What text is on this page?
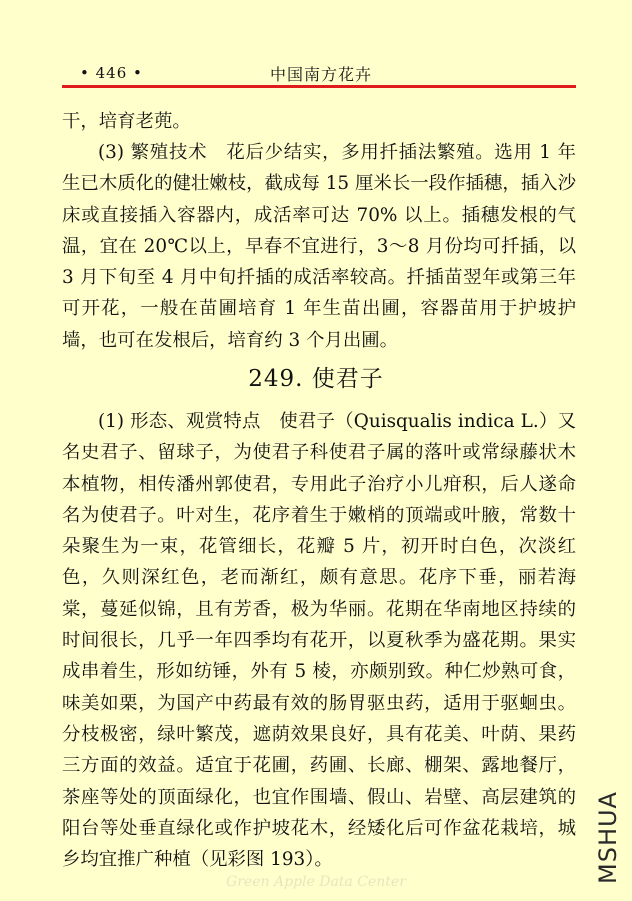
• 446 •	中国南方花卉

干，培育老蔸。

(3) 繁殖技术　花后少结实，多用扦插法繁殖。选用 1 年生已木质化的健壮嫩枝，截成每 15 厘米长一段作插穗，插入沙床或直接插入容器内，成活率可达 70% 以上。插穗发根的气温，宜在 20℃以上，早春不宜进行，3～8 月份均可扦插，以 3 月下旬至 4 月中旬扦插的成活率较高。扦插苗翌年或第三年可开花，一般在苗圃培育 1 年生苗出圃，容器苗用于护坡护墙，也可在发根后，培育约 3 个月出圃。

249. 使君子

(1) 形态、观赏特点　使君子（Quisqualis indica L.）又名史君子、留球子，为使君子科使君子属的落叶或常绿藤状木本植物，相传潘州郭使君，专用此子治疗小儿疳积，后人遂命名为使君子。叶对生，花序着生于嫩梢的顶端或叶腋，常数十朵聚生为一束，花管细长，花瓣 5 片，初开时白色，次淡红色，久则深红色，老而渐红，颇有意思。花序下垂，丽若海棠，蔓延似锦，且有芳香，极为华丽。花期在华南地区持续的时间很长，几乎一年四季均有花开，以夏秋季为盛花期。果实成串着生，形如纺锤，外有 5 棱，亦颇别致。种仁炒熟可食，味美如栗，为国产中药最有效的肠胃驱虫药，适用于驱蛔虫。分枝极密，绿叶繁茂，遮荫效果良好，具有花美、叶荫、果药三方面的效益。适宜于花圃，药圃、长廊、棚架、露地餐厅，茶座等处的顶面绿化，也宜作围墙、假山、岩壁、高层建筑的阳台等处垂直绿化或作护坡花木，经矮化后可作盆花栽培，城乡均宜推广种植（见彩图 193）。	MSHUA
Green Apple Data Center
